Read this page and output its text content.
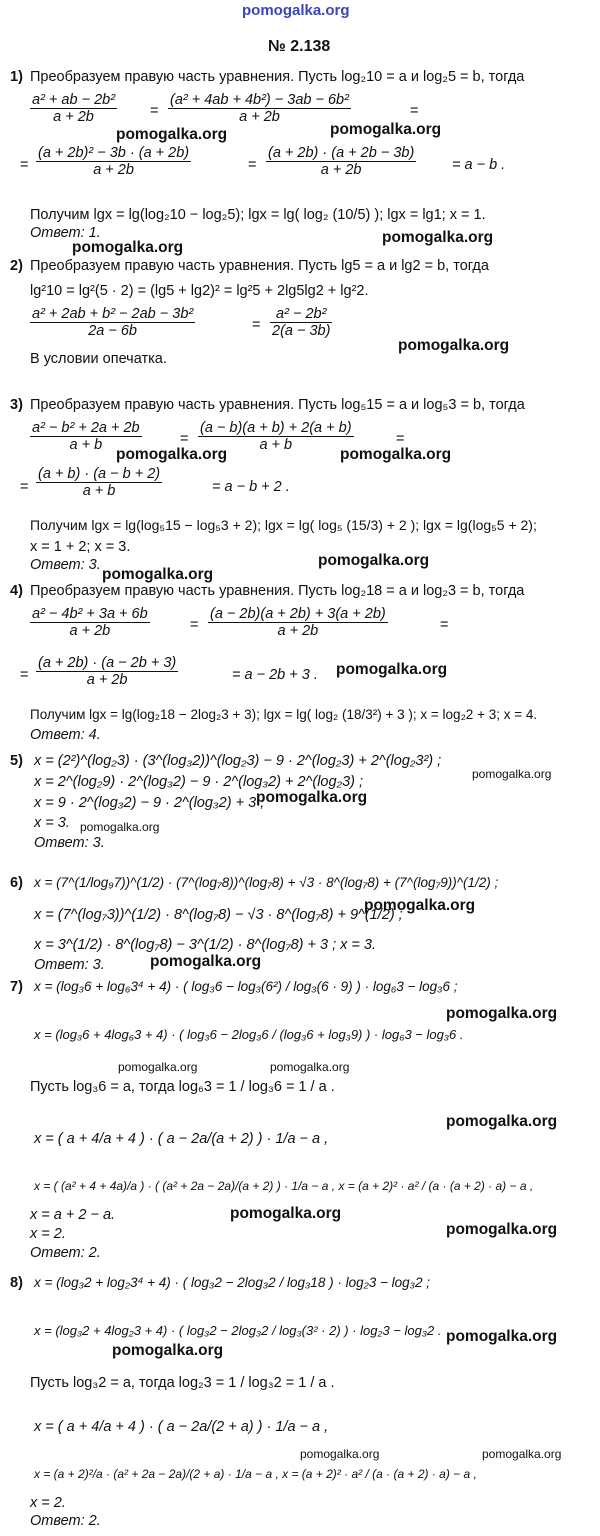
pomogalka.org
№ 2.138
1) Преобразуем правую часть уравнения. Пусть log₂10 = a и log₂5 = b, тогда
$\frac{\text{a² + ab − 2b²}}{a + 2b} = \frac{\text{(a² + 4ab + 4b²) − 3ab − 6b²}}{a + 2b}$	=
= $\frac{\text{(a + 2b)² − 3b · (a + 2b)}}{a + 2b}$	= $\frac{(a + 2b) \cdot (a + 2b - 3b)}{a + 2b} = a - b$ .
Получим lgx = lg(log₂10 − log₂5); lgx = lg( log₂ (10/5) ); lgx = lg1; x = 1.
Ответ: 1.
2) Преобразуем правую часть уравнения. Пусть lg5 = a и lg2 = b, тогда
lg²10 = lg²(5 · 2) = (lg5 + lg2)² = lg²5 + 2lg5lg2 + lg²2.
$\frac{\text{a² + 2ab + b² − 2ab − 3b²}}{2a - 6b}$	= $\frac{\text{a² − 2b²}}{2(a - 3b)}$
В условии опечатка.
3) Преобразуем правую часть уравнения. Пусть log₅15 = a и log₅3 = b, тогда
$\frac{\text{a² − b² + 2a + 2b}}{a + b}$	= $\frac{(a - b)(a + b) + 2(a + b)}{a + b}$	=
= $\frac{(a + b) \cdot (a - b + 2)}{a + b}$	= a − b + 2 .
Получим lgx = lg(log₅15 − log₅3 + 2); lgx = lg( log₅ (15/3) + 2 ); lgx = lg(log₅5 + 2);
x = 1 + 2; x = 3.
Ответ: 3.
4) Преобразуем правую часть уравнения. Пусть log₂18 = a и log₂3 = b, тогда
$\frac{\text{a² − 4b² + 3a + 6b}}{a + 2b}$	= $\frac{(a - 2b)(a + 2b) + 3(a + 2b)}{a + 2b}$	=
= $\frac{(a + 2b) \cdot (a - 2b + 3)}{a + 2b}$	= a − 2b + 3 .
Получим lgx = lg(log₂18 − 2log₂3 + 3); lgx = lg( log₂ (18/3²) + 3 ); x = log₂2 + 3; x = 4.
Ответ: 4.
5) x = (2²)^(log₂3) · (3^(log₃2))^(log₂3) − 9 · 2^(log₂3) + 2^(log₂3²) ;
x = 2^(log₂9) · 2^(log₃2) − 9 · 2^(log₃2) + 2^(log₂3) ;
x = 9 · 2^(log₃2) − 9 · 2^(log₃2) + 3 ;
x = 3.
Ответ: 3.
6) x = (7^(1/log₉7))^(1/2) · (7^(log₇8))^(log₇8) + √3 · 8^(log₇8) + (7^(log₇9))^(1/2) ;
x = (7^(log₇3))^(1/2) · 8^(log₇8) − √3 · 8^(log₇8) + 9^(1/2) ;
x = 3^(1/2) · 8^(log₇8) − 3^(1/2) · 8^(log₇8) + 3 ; x = 3.
Ответ: 3.
7) x = (log₃6 + log₆3⁴ + 4) · ( log₃6 − log₃(6²) / log₃(6 · 9) ) · log₆3 − log₃6 ;
x = (log₃6 + 4log₆3 + 4) · ( log₃6 − 2log₃6 / (log₃6 + log₃9) ) · log₆3 − log₃6 .
Пусть log₃6 = a, тогда log₆3 = 1 / log₃6 = 1 / a .
x = ( a + 4/a + 4 ) · ( a − 2a/(a + 2) ) · 1/a − a ,
x = ( (a² + 4 + 4a)/a ) · ( (a² + 2a − 2a)/(a + 2) ) · 1/a − a , x = (a + 2)² · a² / (a · (a + 2) · a) − a ,
x = a + 2 − a.
x = 2.
Ответ: 2.
8) x = (log₃2 + log₂3⁴ + 4) · ( log₃2 − 2log₃2 / log₃18 ) · log₂3 − log₃2 ;
x = (log₃2 + 4log₂3 + 4) · ( log₃2 − 2log₃2 / log₃(3² · 2) ) · log₂3 − log₃2 .
Пусть log₃2 = a, тогда log₂3 = 1 / log₃2 = 1 / a .
x = ( a + 4/a + 4 ) · ( a − 2a/(2 + a) ) · 1/a − a ,
x = (a + 2)²/a · (a² + 2a − 2a)/(2 + a) · 1/a − a , x = (a + 2)² · a² / (a · (a + 2) · a) − a ,
x = 2.
Ответ: 2.
pomogalka.org	pomogalka.org
pomogalka.org
pomogalka.org
pomogalka.org
pomogalka.org	pomogalka.org
pomogalka.org
pomogalka.org
pomogalka.org
pomogalka.org
pomogalka.org
pomogalka.org
pomogalka.org
pomogalka.org
pomogalka.org
pomogalka.org	pomogalka.org
pomogalka.org
pomogalka.org
pomogalka.org
pomogalka.org
pomogalka.org
pomogalka.org	pomogalka.org
